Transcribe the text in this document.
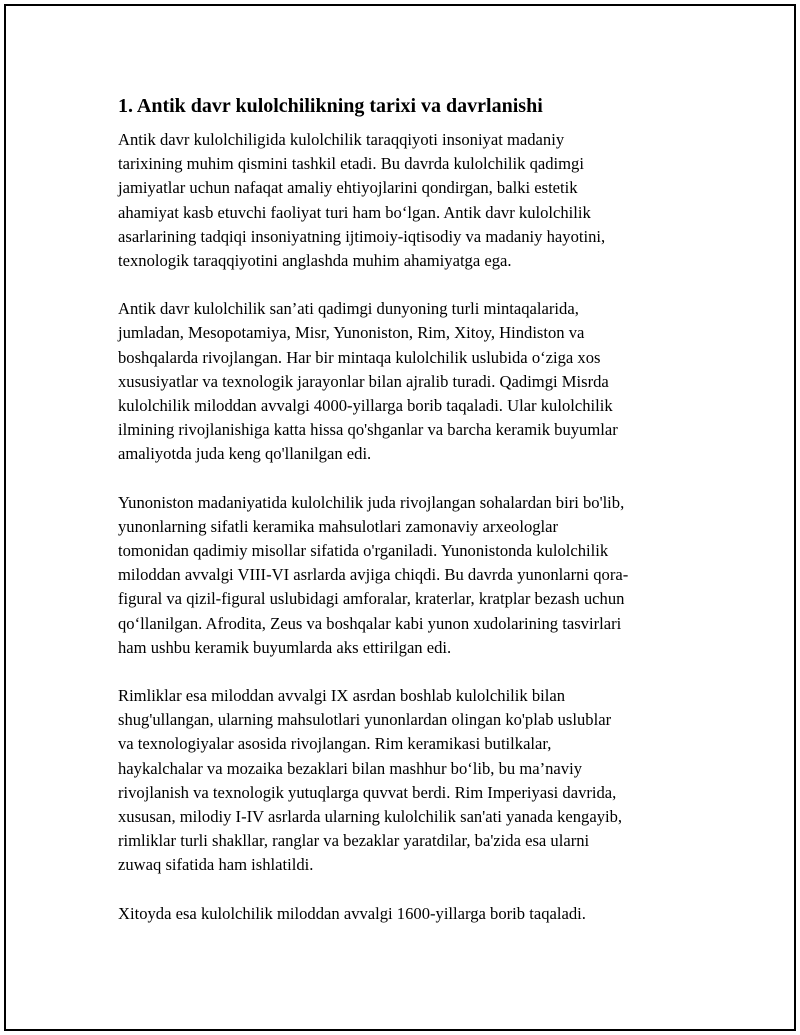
1. Antik davr kulolchilikning tarixi va davrlanishi
Antik davr kulolchiligida kulolchilik taraqqiyoti insoniyat madaniy
tarixining muhim qismini tashkil etadi. Bu davrda kulolchilik qadimgi
jamiyatlar uchun nafaqat amaliy ehtiyojlarini qondirgan, balki estetik
ahamiyat kasb etuvchi faoliyat turi ham bo‘lgan. Antik davr kulolchilik
asarlarining tadqiqi insoniyatning ijtimoiy-iqtisodiy va madaniy hayotini,
texnologik taraqqiyotini anglashda muhim ahamiyatga ega.
Antik davr kulolchilik san’ati qadimgi dunyoning turli mintaqalarida,
jumladan, Mesopotamiya, Misr, Yunoniston, Rim, Xitoy, Hindiston va
boshqalarda rivojlangan. Har bir mintaqa kulolchilik uslubida o‘ziga xos
xususiyatlar va texnologik jarayonlar bilan ajralib turadi. Qadimgi Misrda
kulolchilik miloddan avvalgi 4000-yillarga borib taqaladi. Ular kulolchilik
ilmining rivojlanishiga katta hissa qo'shganlar va barcha keramik buyumlar
amaliyotda juda keng qo'llanilgan edi.
Yunoniston madaniyatida kulolchilik juda rivojlangan sohalardan biri bo'lib,
yunonlarning sifatli keramika mahsulotlari zamonaviy arxeologlar
tomonidan qadimiy misollar sifatida o'rganiladi. Yunonistonda kulolchilik
miloddan avvalgi VIII-VI asrlarda avjiga chiqdi. Bu davrda yunonlarni qora-
figural va qizil-figural uslubidagi amforalar, kraterlar, kratplar bezash uchun
qo‘llanilgan. Afrodita, Zeus va boshqalar kabi yunon xudolarining tasvirlari
ham ushbu keramik buyumlarda aks ettirilgan edi.
Rimliklar esa miloddan avvalgi IX asrdan boshlab kulolchilik bilan
shug'ullangan, ularning mahsulotlari yunonlardan olingan ko'plab uslublar
va texnologiyalar asosida rivojlangan. Rim keramikasi butilkalar,
haykalchalar va mozaika bezaklari bilan mashhur bo‘lib, bu ma’naviy
rivojlanish va texnologik yutuqlarga quvvat berdi. Rim Imperiyasi davrida,
xususan, milodiy I-IV asrlarda ularning kulolchilik san'ati yanada kengayib,
rimliklar turli shakllar, ranglar va bezaklar yaratdilar, ba'zida esa ularni
zuwaq sifatida ham ishlatildi.
Xitoyda esa kulolchilik miloddan avvalgi 1600-yillarga borib taqaladi.
